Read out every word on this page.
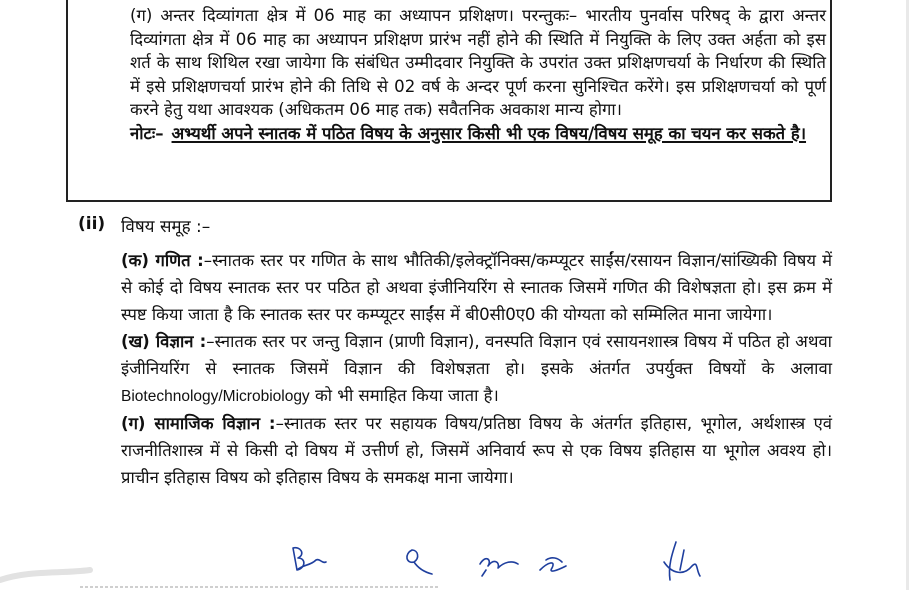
(ग) अन्तर दिव्यांगता क्षेत्र में 06 माह का अध्यापन प्रशिक्षण। परन्तुकः– भारतीय पुनर्वास परिषद् के द्वारा अन्तर दिव्यांगता क्षेत्र में 06 माह का अध्यापन प्रशिक्षण प्रारंभ नहीं होने की स्थिति में नियुक्ति के लिए उक्त अर्हता को इस शर्त के साथ शिथिल रखा जायेगा कि संबंधित उम्मीदवार नियुक्ति के उपरांत उक्त प्रशिक्षणचर्या के निर्धारण की स्थिति में इसे प्रशिक्षणचर्या प्रारंभ होने की तिथि से 02 वर्ष के अन्दर पूर्ण करना सुनिश्चित करेंगे। इस प्रशिक्षणचर्या को पूर्ण करने हेतु यथा आवश्यक (अधिकतम 06 माह तक) सवैतनिक अवकाश मान्य होगा।

नोटः– अभ्यर्थी अपने स्नातक में पठित विषय के अनुसार किसी भी एक विषय/विषय समूह का चयन कर सकते है।
(ii) विषय समूह :–

(क) गणित :–स्नातक स्तर पर गणित के साथ भौतिकी/इलेक्ट्रॉनिक्स/कम्प्यूटर साईंस/रसायन विज्ञान/सांख्यिकी विषय में से कोई दो विषय स्नातक स्तर पर पठित हो अथवा इंजीनियरिंग से स्नातक जिसमें गणित की विशेषज्ञता हो। इस क्रम में स्पष्ट किया जाता है कि स्नातक स्तर पर कम्प्यूटर साईंस में बी0सी0ए0 की योग्यता को सम्मिलित माना जायेगा।

(ख) विज्ञान :–स्नातक स्तर पर जन्तु विज्ञान (प्राणी विज्ञान), वनस्पति विज्ञान एवं रसायनशास्त्र विषय में पठित हो अथवा इंजीनियरिंग से स्नातक जिसमें विज्ञान की विशेषज्ञता हो। इसके अंतर्गत उपर्युक्त विषयों के अलावा Biotechnology/Microbiology को भी समाहित किया जाता है।

(ग) सामाजिक विज्ञान :–स्नातक स्तर पर सहायक विषय/प्रतिष्ठा विषय के अंतर्गत इतिहास, भूगोल, अर्थशास्त्र एवं राजनीतिशास्त्र में से किसी दो विषय में उत्तीर्ण हो, जिसमें अनिवार्य रूप से एक विषय इतिहास या भूगोल अवश्य हो। प्राचीन इतिहास विषय को इतिहास विषय के समकक्ष माना जायेगा।
